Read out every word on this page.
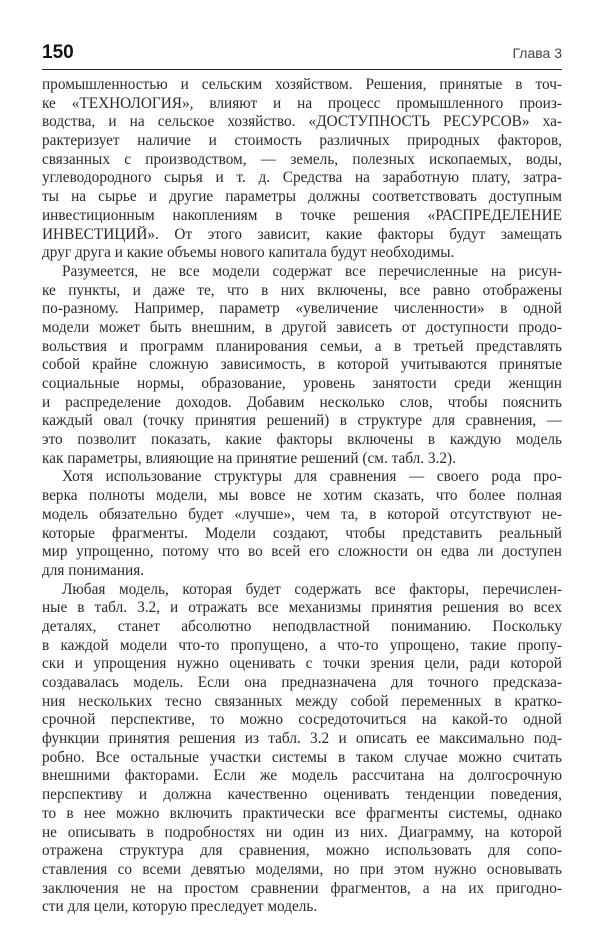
150	Глава 3
промышленностью и сельским хозяйством. Решения, принятые в точ-
ке «ТЕХНОЛОГИЯ», влияют и на процесс промышленного произ-
водства, и на сельское хозяйство. «ДОСТУПНОСТЬ РЕСУРСОВ» ха-
рактеризует наличие и стоимость различных природных факторов,
связанных с производством, — земель, полезных ископаемых, воды,
углеводородного сырья и т. д. Средства на заработную плату, затра-
ты на сырье и другие параметры должны соответствовать доступным
инвестиционным накоплениям в точке решения «РАСПРЕДЕЛЕНИЕ
ИНВЕСТИЦИЙ». От этого зависит, какие факторы будут замещать
друг друга и какие объемы нового капитала будут необходимы.
Разумеется, не все модели содержат все перечисленные на рисун-
ке пункты, и даже те, что в них включены, все равно отображены
по-разному. Например, параметр «увеличение численности» в одной
модели может быть внешним, в другой зависеть от доступности продо-
вольствия и программ планирования семьи, а в третьей представлять
собой крайне сложную зависимость, в которой учитываются принятые
социальные нормы, образование, уровень занятости среди женщин
и распределение доходов. Добавим несколько слов, чтобы пояснить
каждый овал (точку принятия решений) в структуре для сравнения, —
это позволит показать, какие факторы включены в каждую модель
как параметры, влияющие на принятие решений (см. табл. 3.2).
Хотя использование структуры для сравнения — своего рода про-
верка полноты модели, мы вовсе не хотим сказать, что более полная
модель обязательно будет «лучше», чем та, в которой отсутствуют не-
которые фрагменты. Модели создают, чтобы представить реальный
мир упрощенно, потому что во всей его сложности он едва ли доступен
для понимания.
Любая модель, которая будет содержать все факторы, перечислен-
ные в табл. 3.2, и отражать все механизмы принятия решения во всех
деталях, станет абсолютно неподвластной пониманию. Поскольку
в каждой модели что-то пропущено, а что-то упрощено, такие пропу-
ски и упрощения нужно оценивать с точки зрения цели, ради которой
создавалась модель. Если она предназначена для точного предсказа-
ния нескольких тесно связанных между собой переменных в кратко-
срочной перспективе, то можно сосредоточиться на какой-то одной
функции принятия решения из табл. 3.2 и описать ее максимально под-
робно. Все остальные участки системы в таком случае можно считать
внешними факторами. Если же модель рассчитана на долгосрочную
перспективу и должна качественно оценивать тенденции поведения,
то в нее можно включить практически все фрагменты системы, однако
не описывать в подробностях ни один из них. Диаграмму, на которой
отражена структура для сравнения, можно использовать для сопо-
ставления со всеми девятью моделями, но при этом нужно основывать
заключения не на простом сравнении фрагментов, а на их пригодно-
сти для цели, которую преследует модель.
